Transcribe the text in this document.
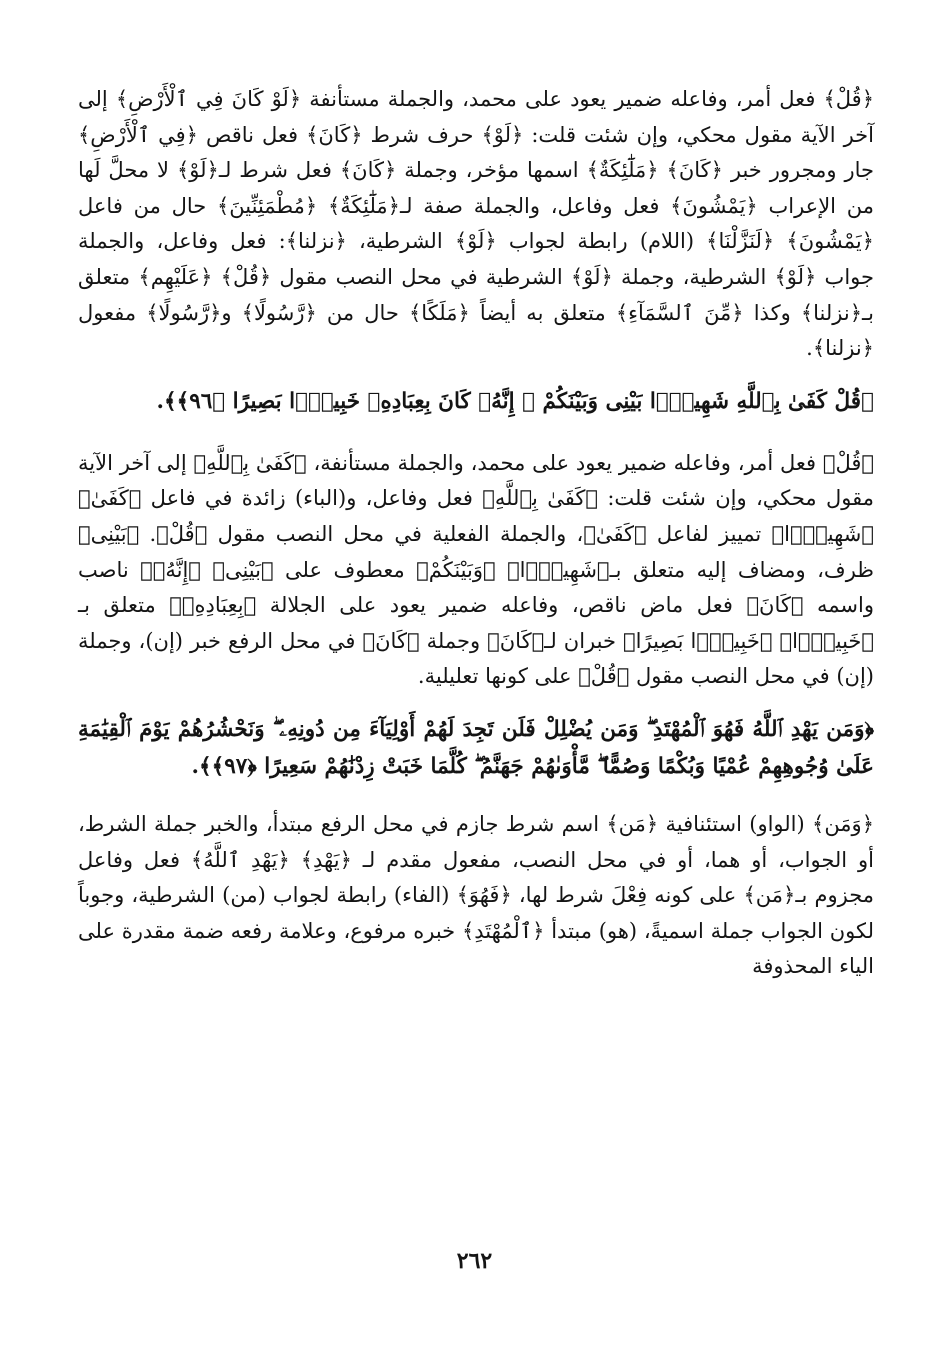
﴿قُلْ﴾ فعل أمر، وفاعله ضمير يعود على محمد، والجملة مستأنفة ﴿لَوْ كَانَ فِي ٱلْأَرْضِ﴾ إلى آخر الآية مقول محكي، وإن شئت قلت: ﴿لَوْ﴾ حرف شرط ﴿كَانَ﴾ فعل ناقص ﴿فِي ٱلْأَرْضِ﴾ جار ومجرور خبر ﴿كَانَ﴾ ﴿مَلَٰٓئِكَةٌ﴾ اسمها مؤخر، وجملة ﴿كَانَ﴾ فعل شرط لـ﴿لَوْ﴾ لا محلَّ لَها من الإعراب ﴿يَمْشُونَ﴾ فعل وفاعل، والجملة صفة لـ﴿مَلَٰٓئِكَةٌ﴾ ﴿مُطْمَئِنِّينَ﴾ حال من فاعل ﴿يَمْشُونَ﴾ ﴿لَنَزَّلْنَا﴾ (اللام) رابطة لجواب ﴿لَوْ﴾ الشرطية، ﴿نزلنا﴾: فعل وفاعل، والجملة جواب ﴿لَوْ﴾ الشرطية، وجملة ﴿لَوْ﴾ الشرطية في محل النصب مقول ﴿قُلْ﴾ ﴿عَلَيْهِم﴾ متعلق بـ﴿نزلنا﴾ وكذا ﴿مِّنَ ٱلسَّمَآءِ﴾ متعلق به أيضاً ﴿مَلَكًا﴾ حال من ﴿رَّسُولًا﴾ و﴿رَّسُولًا﴾ مفعول ﴿نزلنا﴾.

﴿قُلْ كَفَىٰ بِٱللَّهِ شَهِيدًۢا بَيْنِى وَبَيْنَكُمْ ۚ إِنَّهُۥ كَانَ بِعِبَادِهِۦ خَبِيرًۢا بَصِيرًا ﴿٩٦﴾﴾.

﴿قُلْ﴾ فعل أمر، وفاعله ضمير يعود على محمد، والجملة مستأنفة، ﴿كَفَىٰ بِٱللَّهِ﴾ إلى آخر الآية مقول محكي، وإن شئت قلت: ﴿كَفَىٰ بِٱللَّهِ﴾ فعل وفاعل، و(الباء) زائدة في فاعل ﴿كَفَىٰ﴾ ﴿شَهِيدًۢا﴾ تمييز لفاعل ﴿كَفَىٰ﴾، والجملة الفعلية في محل النصب مقول ﴿قُلْ﴾. ﴿بَيْنِى﴾ ظرف، ومضاف إليه متعلق بـ﴿شَهِيدًۢا﴾ ﴿وَبَيْنَكُمْ﴾ معطوف على ﴿بَيْنِى﴾ ﴿إِنَّهُۥ﴾ ناصب واسمه ﴿كَانَ﴾ فعل ماض ناقص، وفاعله ضمير يعود على الجلالة ﴿بِعِبَادِهِۦ﴾ متعلق بـ ﴿خَبِيرًۢا﴾ ﴿خَبِيرًۢا بَصِيرًا﴾ خبران لـ﴿كَانَ﴾ وجملة ﴿كَانَ﴾ في محل الرفع خبر (إن)، وجملة (إن) في محل النصب مقول ﴿قُلْ﴾ على كونها تعليلية.

﴿وَمَن يَهْدِ ٱللَّهُ فَهُوَ ٱلْمُهْتَدِ ۖ وَمَن يُضْلِلْ فَلَن تَجِدَ لَهُمْ أَوْلِيَآءَ مِن دُونِهِۦ ۖ وَنَحْشُرُهُمْ يَوْمَ ٱلْقِيَٰمَةِ عَلَىٰ وُجُوهِهِمْ عُمْيًا وَبُكْمًا وَصُمًّا ۖ مَّأْوَىٰهُمْ جَهَنَّمُ ۖ كُلَّمَا خَبَتْ زِدْنَٰهُمْ سَعِيرًا ﴿٩٧﴾﴾.

﴿وَمَن﴾ (الواو) استئنافية ﴿مَن﴾ اسم شرط جازم في محل الرفع مبتدأ، والخبر جملة الشرط، أو الجواب، أو هما، أو في محل النصب، مفعول مقدم لـ ﴿يَهْدِ﴾ ﴿يَهْدِ ٱللَّهُ﴾ فعل وفاعل مجزوم بـ﴿مَن﴾ على كونه فِعْلَ شرط لها، ﴿فَهُوَ﴾ (الفاء) رابطة لجواب (من) الشرطية، وجوباً لكون الجواب جملة اسميةً، (هو) مبتدأ ﴿ٱلْمُهْتَدِ﴾ خبره مرفوع، وعلامة رفعه ضمة مقدرة على الياء المحذوفة

٢٦٢
